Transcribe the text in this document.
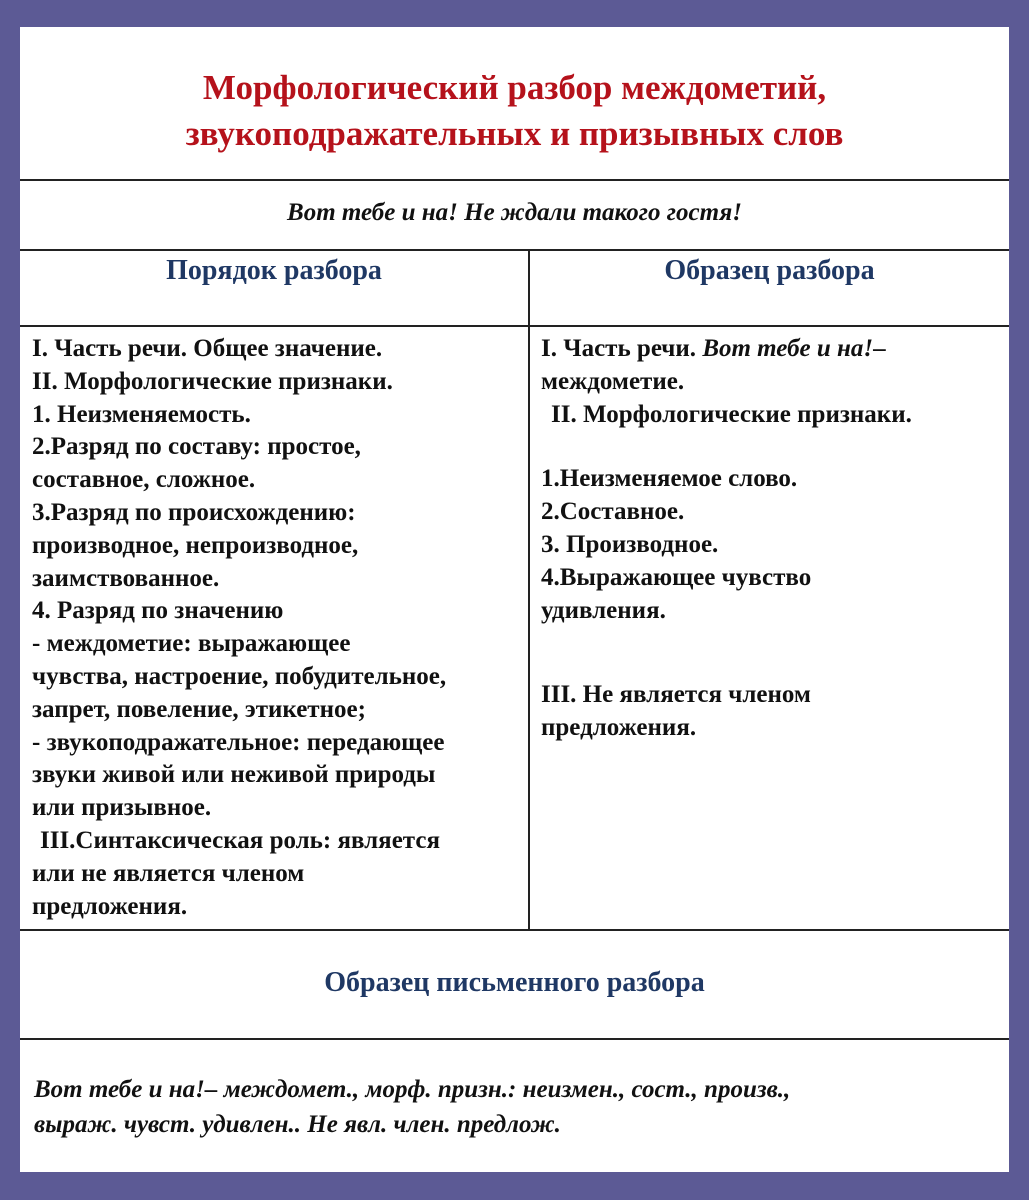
Морфологический разбор междометий,
звукоподражательных и призывных слов
Вот тебе и на! Не ждали такого гостя!
Порядок разбора	Образец разбора
I. Часть речи. Общее значение.
II. Морфологические признаки.
1. Неизменяемость.
2.Разряд по составу: простое,
составное, сложное.
3.Разряд по происхождению:
производное, непроизводное,
заимствованное.
4. Разряд по значению
- междометие: выражающее
чувства, настроение, побудительное,
запрет, повеление, этикетное;
- звукоподражательное: передающее
звуки живой или неживой природы
или призывное.
III.Синтаксическая роль: является
или не является членом
предложения.
I. Часть речи. Вот тебе и на!–
междометие.
II. Морфологические признаки.
1.Неизменяемое слово.
2.Составное.
3. Производное.
4.Выражающее чувство
удивления.
III. Не является членом
предложения.
Образец письменного разбора
Вот тебе и на!– междомет., морф. призн.: неизмен., сост., произв.,
выраж. чувст. удивлен.. Не явл. член. предлож.
